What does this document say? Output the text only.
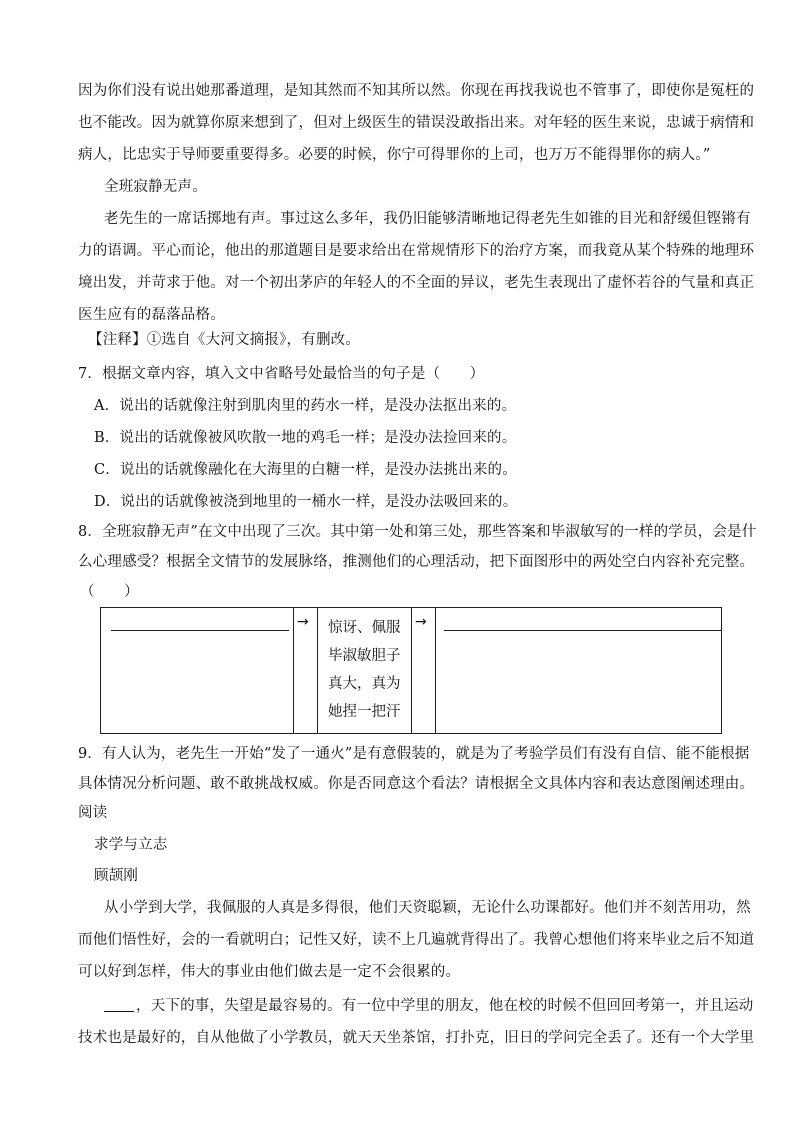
因为你们没有说出她那番道理，是知其然而不知其所以然。你现在再找我说也不管事了，即使你是冤枉的
也不能改。因为就算你原来想到了，但对上级医生的错误没敢指出来。对年轻的医生来说，忠诚于病情和
病人，比忠实于导师要重要得多。必要的时候，你宁可得罪你的上司，也万万不能得罪你的病人。”
全班寂静无声。
老先生的一席话掷地有声。事过这么多年，我仍旧能够清晰地记得老先生如锥的目光和舒缓但铿锵有
力的语调。平心而论，他出的那道题目是要求给出在常规情形下的治疗方案，而我竟从某个特殊的地理环
境出发，并苛求于他。对一个初出茅庐的年轻人的不全面的异议，老先生表现出了虚怀若谷的气量和真正
医生应有的磊落品格。
【注释】①选自《大河文摘报》，有删改。
7．根据文章内容，填入文中省略号处最恰当的句子是（　　）
A．说出的话就像注射到肌肉里的药水一样，是没办法抠出来的。
B．说出的话就像被风吹散一地的鸡毛一样；是没办法捡回来的。
C．说出的话就像融化在大海里的白糖一样，是没办法挑出来的。
D．说出的话就像被浇到地里的一桶水一样，是没办法吸回来的。
8．全班寂静无声”在文中出现了三次。其中第一处和第三处，那些答案和毕淑敏写的一样的学员，会是什
么心理感受？根据全文情节的发展脉络，推测他们的心理活动，把下面图形中的两处空白内容补充完整。
（　　）
→ 惊讶、佩服毕淑敏胆子真大，真为她捏一把汗
→
9．有人认为，老先生一开始“发了一通火”是有意假装的，就是为了考验学员们有没有自信、能不能根据
具体情况分析问题、敢不敢挑战权威。你是否同意这个看法？请根据全文具体内容和表达意图阐述理由。
阅读
求学与立志
顾颉刚
从小学到大学，我佩服的人真是多得很，他们天资聪颖，无论什么功课都好。他们并不刻苦用功，然
而他们悟性好，会的一看就明白；记性又好，读不上几遍就背得出了。我曾心想他们将来毕业之后不知道
可以好到怎样，伟大的事业由他们做去是一定不会很累的。
，天下的事，失望是最容易的。有一位中学里的朋友，他在校的时候不但回回考第一，并且运动
技术也是最好的，自从他做了小学教员，就天天坐茶馆，打扑克，旧日的学问完全丢了。还有一个大学里
